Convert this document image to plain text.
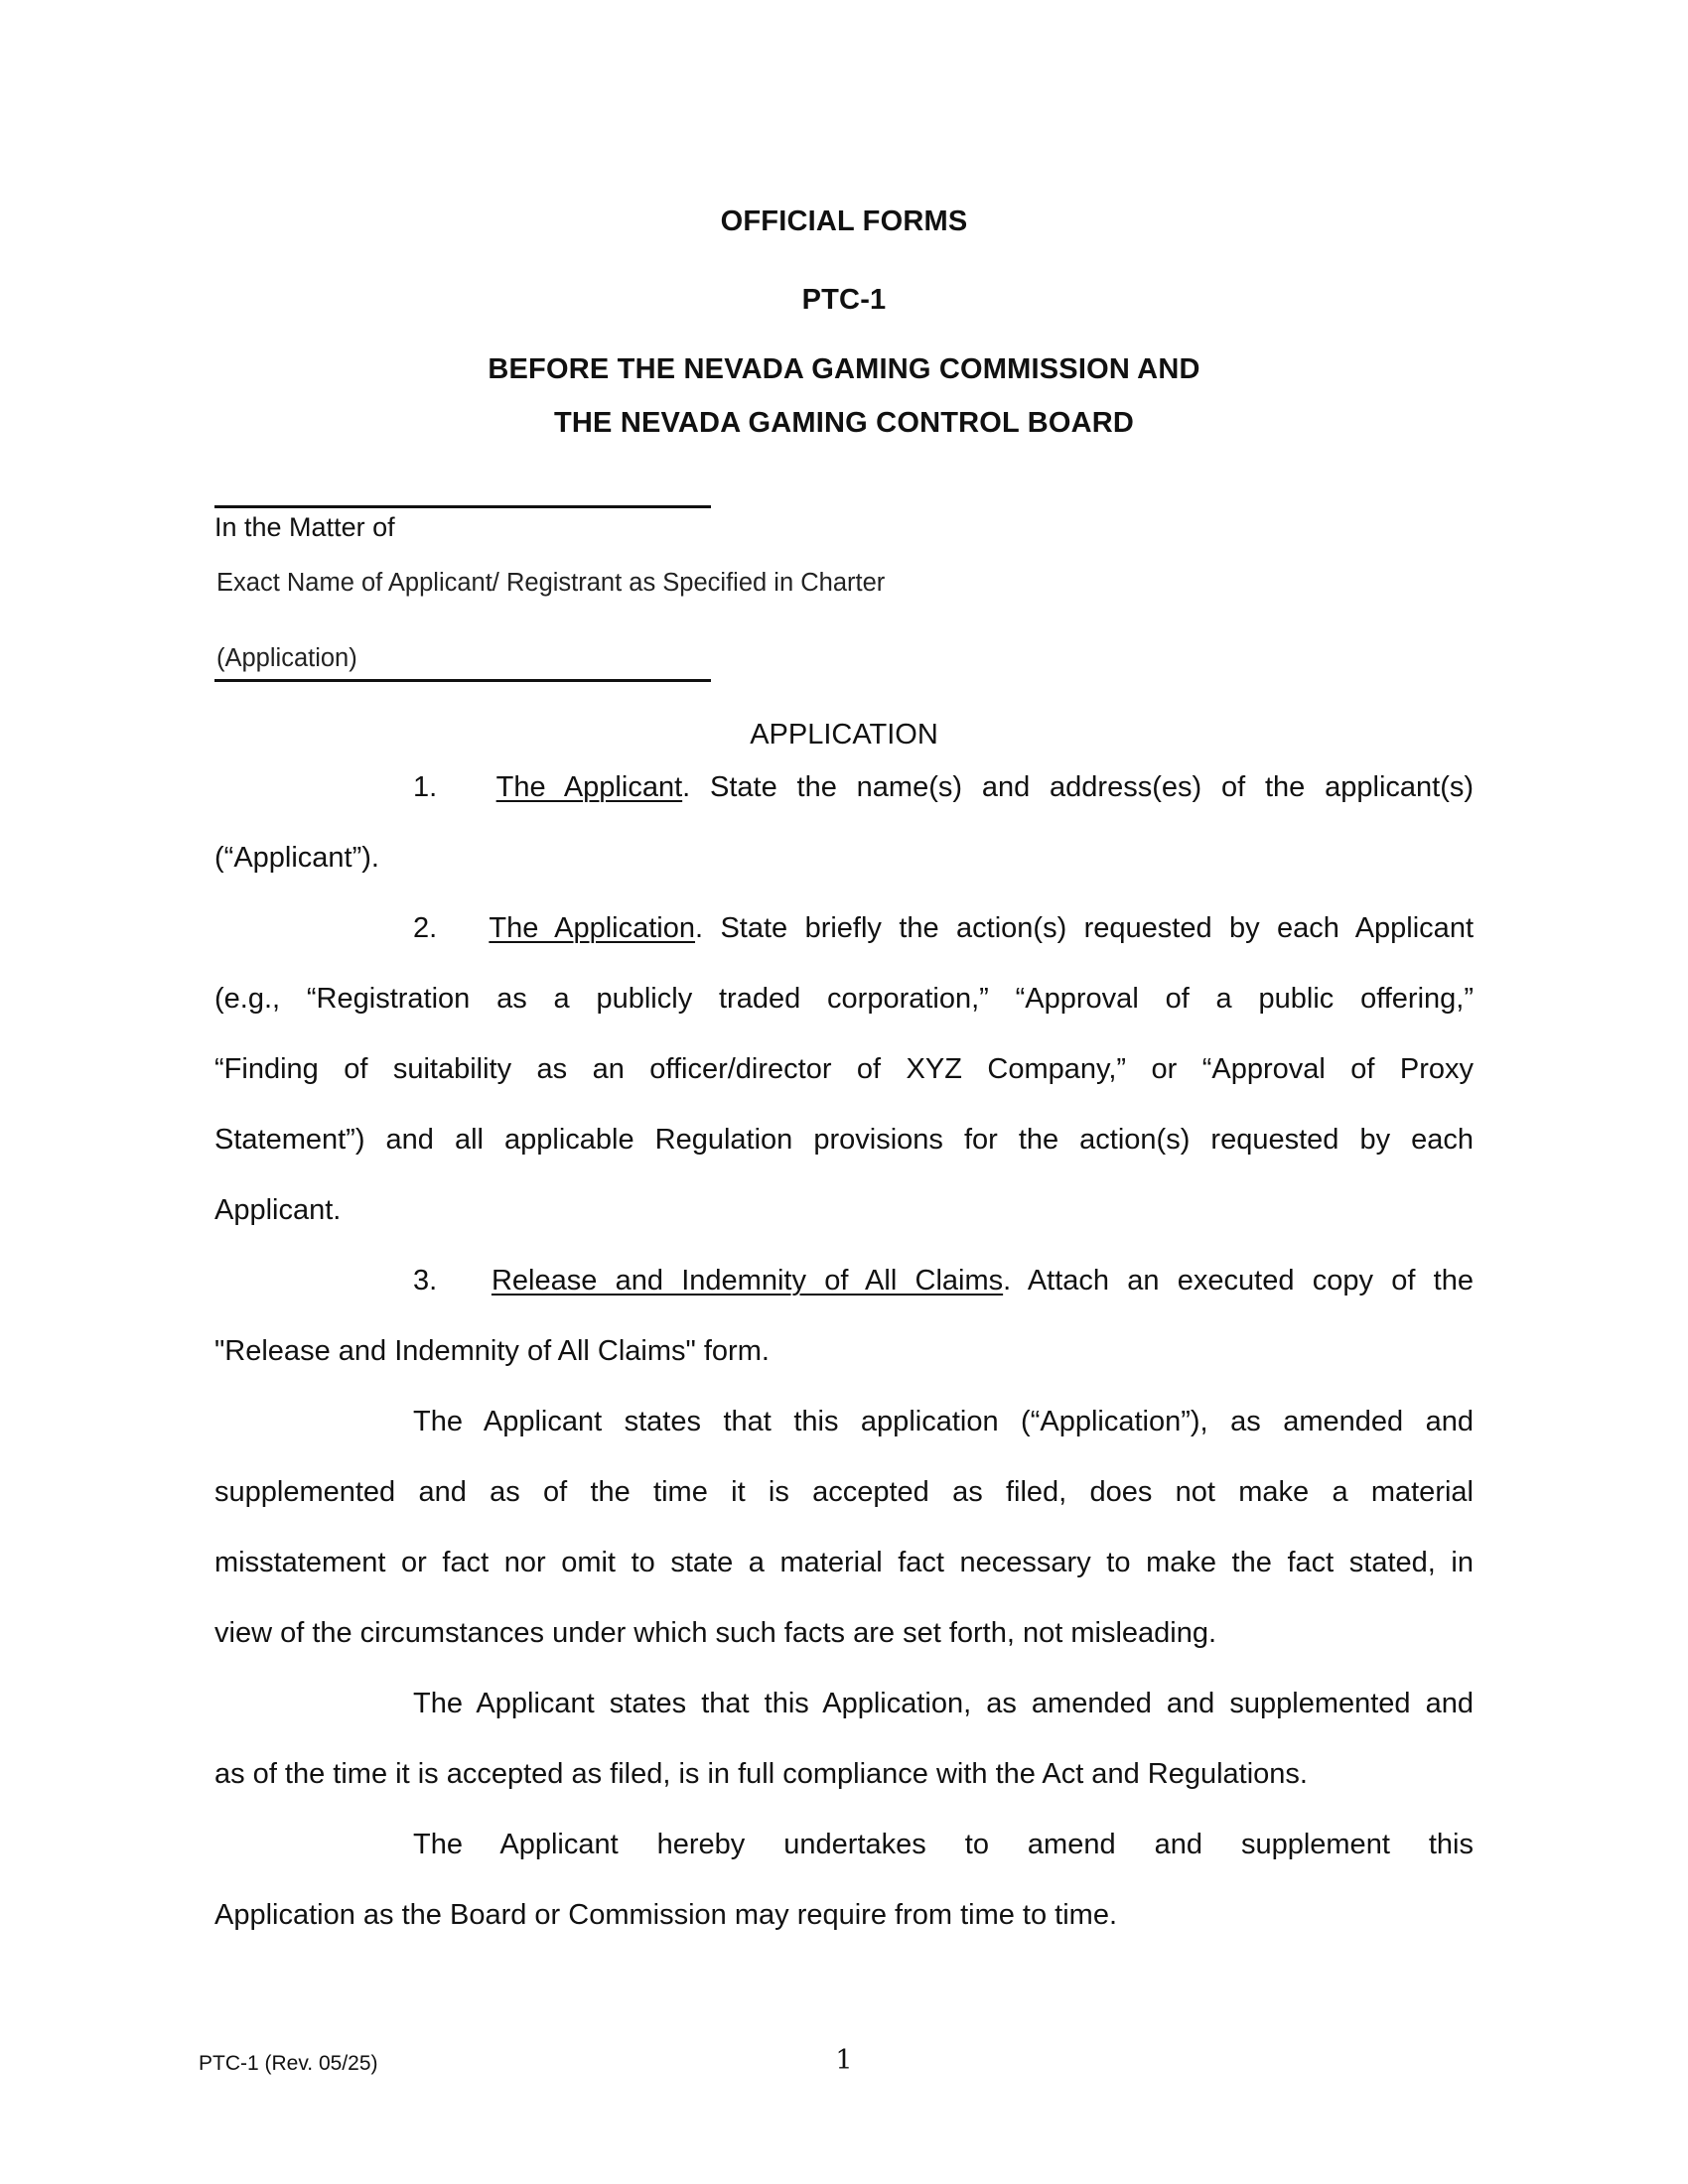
OFFICIAL FORMS
PTC-1
BEFORE THE NEVADA GAMING COMMISSION AND
THE NEVADA GAMING CONTROL BOARD
In the Matter of
Exact Name of Applicant/ Registrant as Specified in Charter
(Application)
APPLICATION
1. The Applicant. State the name(s) and address(es) of the applicant(s)
(“Applicant”).
2. The Application. State briefly the action(s) requested by each Applicant
(e.g., “Registration as a publicly traded corporation,” “Approval of a public offering,”
“Finding of suitability as an officer/director of XYZ Company,” or “Approval of Proxy
Statement”) and all applicable Regulation provisions for the action(s) requested by each
Applicant.
3. Release and Indemnity of All Claims. Attach an executed copy of the
"Release and Indemnity of All Claims" form.
The Applicant states that this application (“Application”), as amended and
supplemented and as of the time it is accepted as filed, does not make a material
misstatement or fact nor omit to state a material fact necessary to make the fact stated, in
view of the circumstances under which such facts are set forth, not misleading.
The Applicant states that this Application, as amended and supplemented and
as of the time it is accepted as filed, is in full compliance with the Act and Regulations.
The Applicant hereby undertakes to amend and supplement this
Application as the Board or Commission may require from time to time.
PTC-1 (Rev. 05/25)	1
